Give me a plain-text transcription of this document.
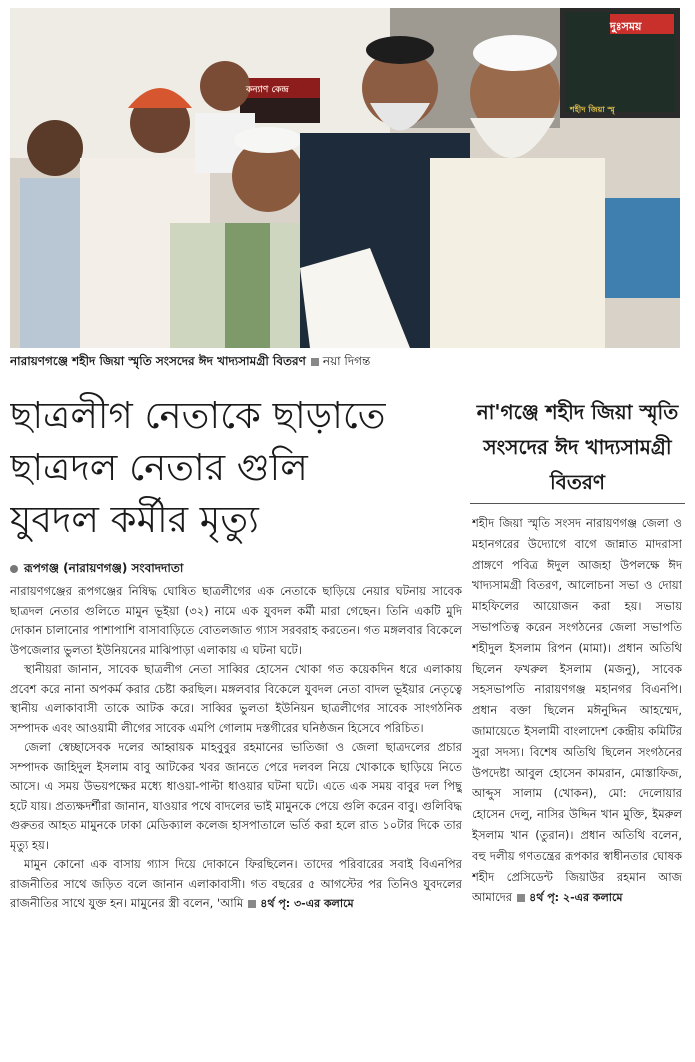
দুঃসময়
শহীদ জিয়া স্মৃ
কন্যাণ কেন্দ্র
নারায়ণগঞ্জে শহীদ জিয়া স্মৃতি সংসদের ঈদ খাদ্যসামগ্রী বিতরণ নয়া দিগন্ত
ছাত্রলীগ নেতাকে ছাড়াতে
ছাত্রদল নেতার গুলি
যুবদল কর্মীর মৃত্যু
রূপগঞ্জ (নারায়ণগঞ্জ) সংবাদদাতা

নারায়ণগঞ্জের রূপগঞ্জের নিষিদ্ধ ঘোষিত ছাত্রলীগের এক নেতাকে ছাড়িয়ে নেয়ার ঘটনায় সাবেক ছাত্রদল নেতার গুলিতে মামুন ভূইয়া (৩২) নামে এক যুবদল কর্মী মারা গেছেন। তিনি একটি মুদি দোকান চালানোর পাশাপাশি বাসাবাড়িতে বোতলজাত গ্যাস সরবরাহ করতেন। গত মঙ্গলবার বিকেলে উপজেলার ভুলতা ইউনিয়নের মাঝিপাড়া এলাকায় এ ঘটনা ঘটে।

স্থানীয়রা জানান, সাবেক ছাত্রলীগ নেতা সাব্বির হোসেন খোকা গত কয়েকদিন ধরে এলাকায় প্রবেশ করে নানা অপকর্ম করার চেষ্টা করছিল। মঙ্গলবার বিকেলে যুবদল নেতা বাদল ভূইয়ার নেতৃত্বে স্থানীয় এলাকাবাসী তাকে আটক করে। সাব্বির ভুলতা ইউনিয়ন ছাত্রলীগের সাবেক সাংগঠনিক সম্পাদক এবং আওয়ামী লীগের সাবেক এমপি গোলাম দস্তগীরের ঘনিষ্ঠজন হিসেবে পরিচিত।

জেলা স্বেচ্ছাসেবক দলের আহ্বায়ক মাহবুবুর রহমানের ভাতিজা ও জেলা ছাত্রদলের প্রচার সম্পাদক জাহিদুল ইসলাম বাবু আটকের খবর জানতে পেরে দলবল নিয়ে খোকাকে ছাড়িয়ে নিতে আসে। এ সময় উভয়পক্ষের মধ্যে ধাওয়া-পাল্টা ধাওয়ার ঘটনা ঘটে। এতে এক সময় বাবুর দল পিছু হটে যায়। প্রত্যক্ষদর্শীরা জানান, যাওয়ার পথে বাদলের ভাই মামুনকে পেয়ে গুলি করেন বাবু। গুলিবিদ্ধ গুরুতর আহত মামুনকে ঢাকা মেডিক্যাল কলেজ হাসপাতালে ভর্তি করা হলে রাত ১০টার দিকে তার মৃত্যু হয়।

মামুন কোনো এক বাসায় গ্যাস দিয়ে দোকানে ফিরছিলেন। তাদের পরিবারের সবাই বিএনপির রাজনীতির সাথে জড়িত বলে জানান এলাকাবাসী। গত বছরের ৫ আগস্টের পর তিনিও যুবদলের রাজনীতির সাথে যুক্ত হন। মামুনের স্ত্রী বলেন, 'আমি ৪র্থ পৃ: ৩-এর কলামে

না'গঞ্জে শহীদ জিয়া স্মৃতি সংসদের ঈদ খাদ্যসামগ্রী বিতরণ

শহীদ জিয়া স্মৃতি সংসদ নারায়ণগঞ্জ জেলা ও মহানগরের উদ্যোগে বাগে জান্নাত মাদরাসা প্রাঙ্গণে পবিত্র ঈদুল আজহা উপলক্ষে ঈদ খাদ্যসামগ্রী বিতরণ, আলোচনা সভা ও দোয়া মাহফিলের আয়োজন করা হয়। সভায় সভাপতিত্ব করেন সংগঠনের জেলা সভাপতি শহীদুল ইসলাম রিপন (মামা)। প্রধান অতিথি ছিলেন ফখরুল ইসলাম (মজনু), সাবেক সহসভাপতি নারায়ণগঞ্জ মহানগর বিএনপি। প্রধান বক্তা ছিলেন মঈনুদ্দিন আহম্মেদ, জামায়েতে ইসলামী বাংলাদেশ কেন্দ্রীয় কমিটির সুরা সদস্য। বিশেষ অতিথি ছিলেন সংগঠনের উপদেষ্টা আবুল হোসেন কামরান, মোস্তাফিজ, আব্দুস সালাম (খোকন), মো: দেলোয়ার হোসেন দেলু, নাসির উদ্দিন খান মুক্তি, ইমরুল ইসলাম খান (তুরান)। প্রধান অতিথি বলেন, বহু দলীয় গণতন্ত্রের রূপকার স্বাধীনতার ঘোষক শহীদ প্রেসিডেন্ট জিয়াউর রহমান আজ আমাদের ৪র্থ পৃ: ২-এর কলামে
